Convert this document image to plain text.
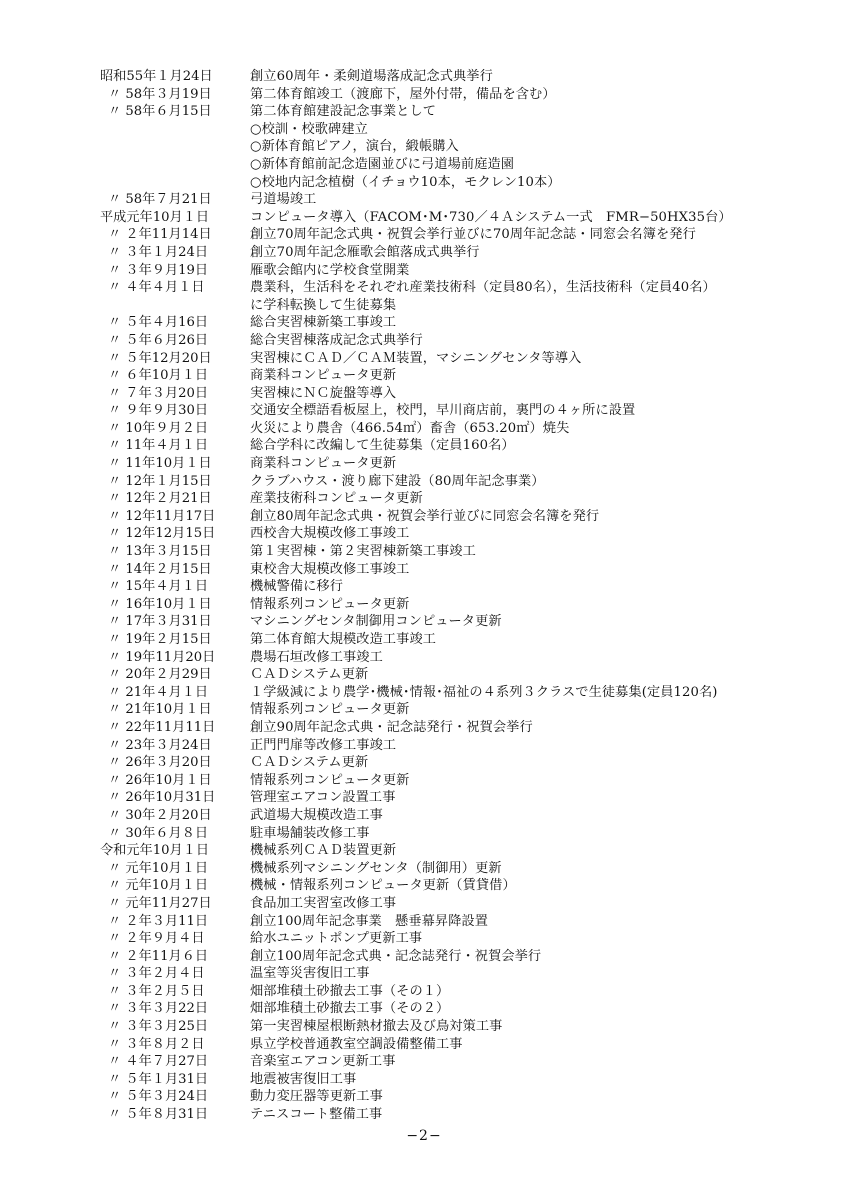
昭和55年１月24日	創立60周年・柔剣道場落成記念式典挙行
〃 58年３月19日	第二体育館竣工（渡廊下，屋外付帯，備品を含む）
〃 58年６月15日	第二体育館建設記念事業として
○校訓・校歌碑建立
○新体育館ピアノ，演台，緞帳購入
○新体育館前記念造園並びに弓道場前庭造園
○校地内記念植樹（イチョウ10本，モクレン10本）
〃 58年７月21日	弓道場竣工
平成元年10月１日	コンピュータ導入（FACOM･M･730／４Ａシステム一式　FMR−50HX35台）
〃 ２年11月14日	創立70周年記念式典・祝賀会挙行並びに70周年記念誌・同窓会名簿を発行
〃 ３年１月24日	創立70周年記念雁歌会館落成式典挙行
〃 ３年９月19日	雁歌会館内に学校食堂開業
〃 ４年４月１日	農業科，生活科をそれぞれ産業技術科（定員80名），生活技術科（定員40名）
に学科転換して生徒募集
〃 ５年４月16日	総合実習棟新築工事竣工
〃 ５年６月26日	総合実習棟落成記念式典挙行
〃 ５年12月20日	実習棟にＣＡＤ／ＣＡＭ装置，マシニングセンタ等導入
〃 ６年10月１日	商業科コンピュータ更新
〃 ７年３月20日	実習棟にＮＣ旋盤等導入
〃 ９年９月30日	交通安全標語看板屋上，校門，早川商店前，裏門の４ヶ所に設置
〃 10年９月２日	火災により農舎（466.54㎡）畜舎（653.20㎡）焼失
〃 11年４月１日	総合学科に改編して生徒募集（定員160名）
〃 11年10月１日	商業科コンピュータ更新
〃 12年１月15日	クラブハウス・渡り廊下建設（80周年記念事業）
〃 12年２月21日	産業技術科コンピュータ更新
〃 12年11月17日	創立80周年記念式典・祝賀会挙行並びに同窓会名簿を発行
〃 12年12月15日	西校舎大規模改修工事竣工
〃 13年３月15日	第１実習棟・第２実習棟新築工事竣工
〃 14年２月15日	東校舎大規模改修工事竣工
〃 15年４月１日	機械警備に移行
〃 16年10月１日	情報系列コンピュータ更新
〃 17年３月31日	マシニングセンタ制御用コンピュータ更新
〃 19年２月15日	第二体育館大規模改造工事竣工
〃 19年11月20日	農場石垣改修工事竣工
〃 20年２月29日	ＣＡＤシステム更新
〃 21年４月１日	１学級減により農学･機械･情報･福祉の４系列３クラスで生徒募集(定員120名)
〃 21年10月１日	情報系列コンピュータ更新
〃 22年11月11日	創立90周年記念式典・記念誌発行・祝賀会挙行
〃 23年３月24日	正門門扉等改修工事竣工
〃 26年３月20日	ＣＡＤシステム更新
〃 26年10月１日	情報系列コンピュータ更新
〃 26年10月31日	管理室エアコン設置工事
〃 30年２月20日	武道場大規模改造工事
〃 30年６月８日	駐車場舗装改修工事
令和元年10月１日	機械系列ＣＡＤ装置更新
〃 元年10月１日	機械系列マシニングセンタ（制御用）更新
〃 元年10月１日	機械・情報系列コンピュータ更新（賃貸借）
〃 元年11月27日	食品加工実習室改修工事
〃 ２年３月11日	創立100周年記念事業　懸垂幕昇降設置
〃 ２年９月４日	給水ユニットポンプ更新工事
〃 ２年11月６日	創立100周年記念式典・記念誌発行・祝賀会挙行
〃 ３年２月４日	温室等災害復旧工事
〃 ３年２月５日	畑部堆積土砂撤去工事（その１）
〃 ３年３月22日	畑部堆積土砂撤去工事（その２）
〃 ３年３月25日	第一実習棟屋根断熱材撤去及び鳥対策工事
〃 ３年８月２日	県立学校普通教室空調設備整備工事
〃 ４年７月27日	音楽室エアコン更新工事
〃 ５年１月31日	地震被害復旧工事
〃 ５年３月24日	動力変圧器等更新工事
〃 ５年８月31日	テニスコート整備工事
−2−
